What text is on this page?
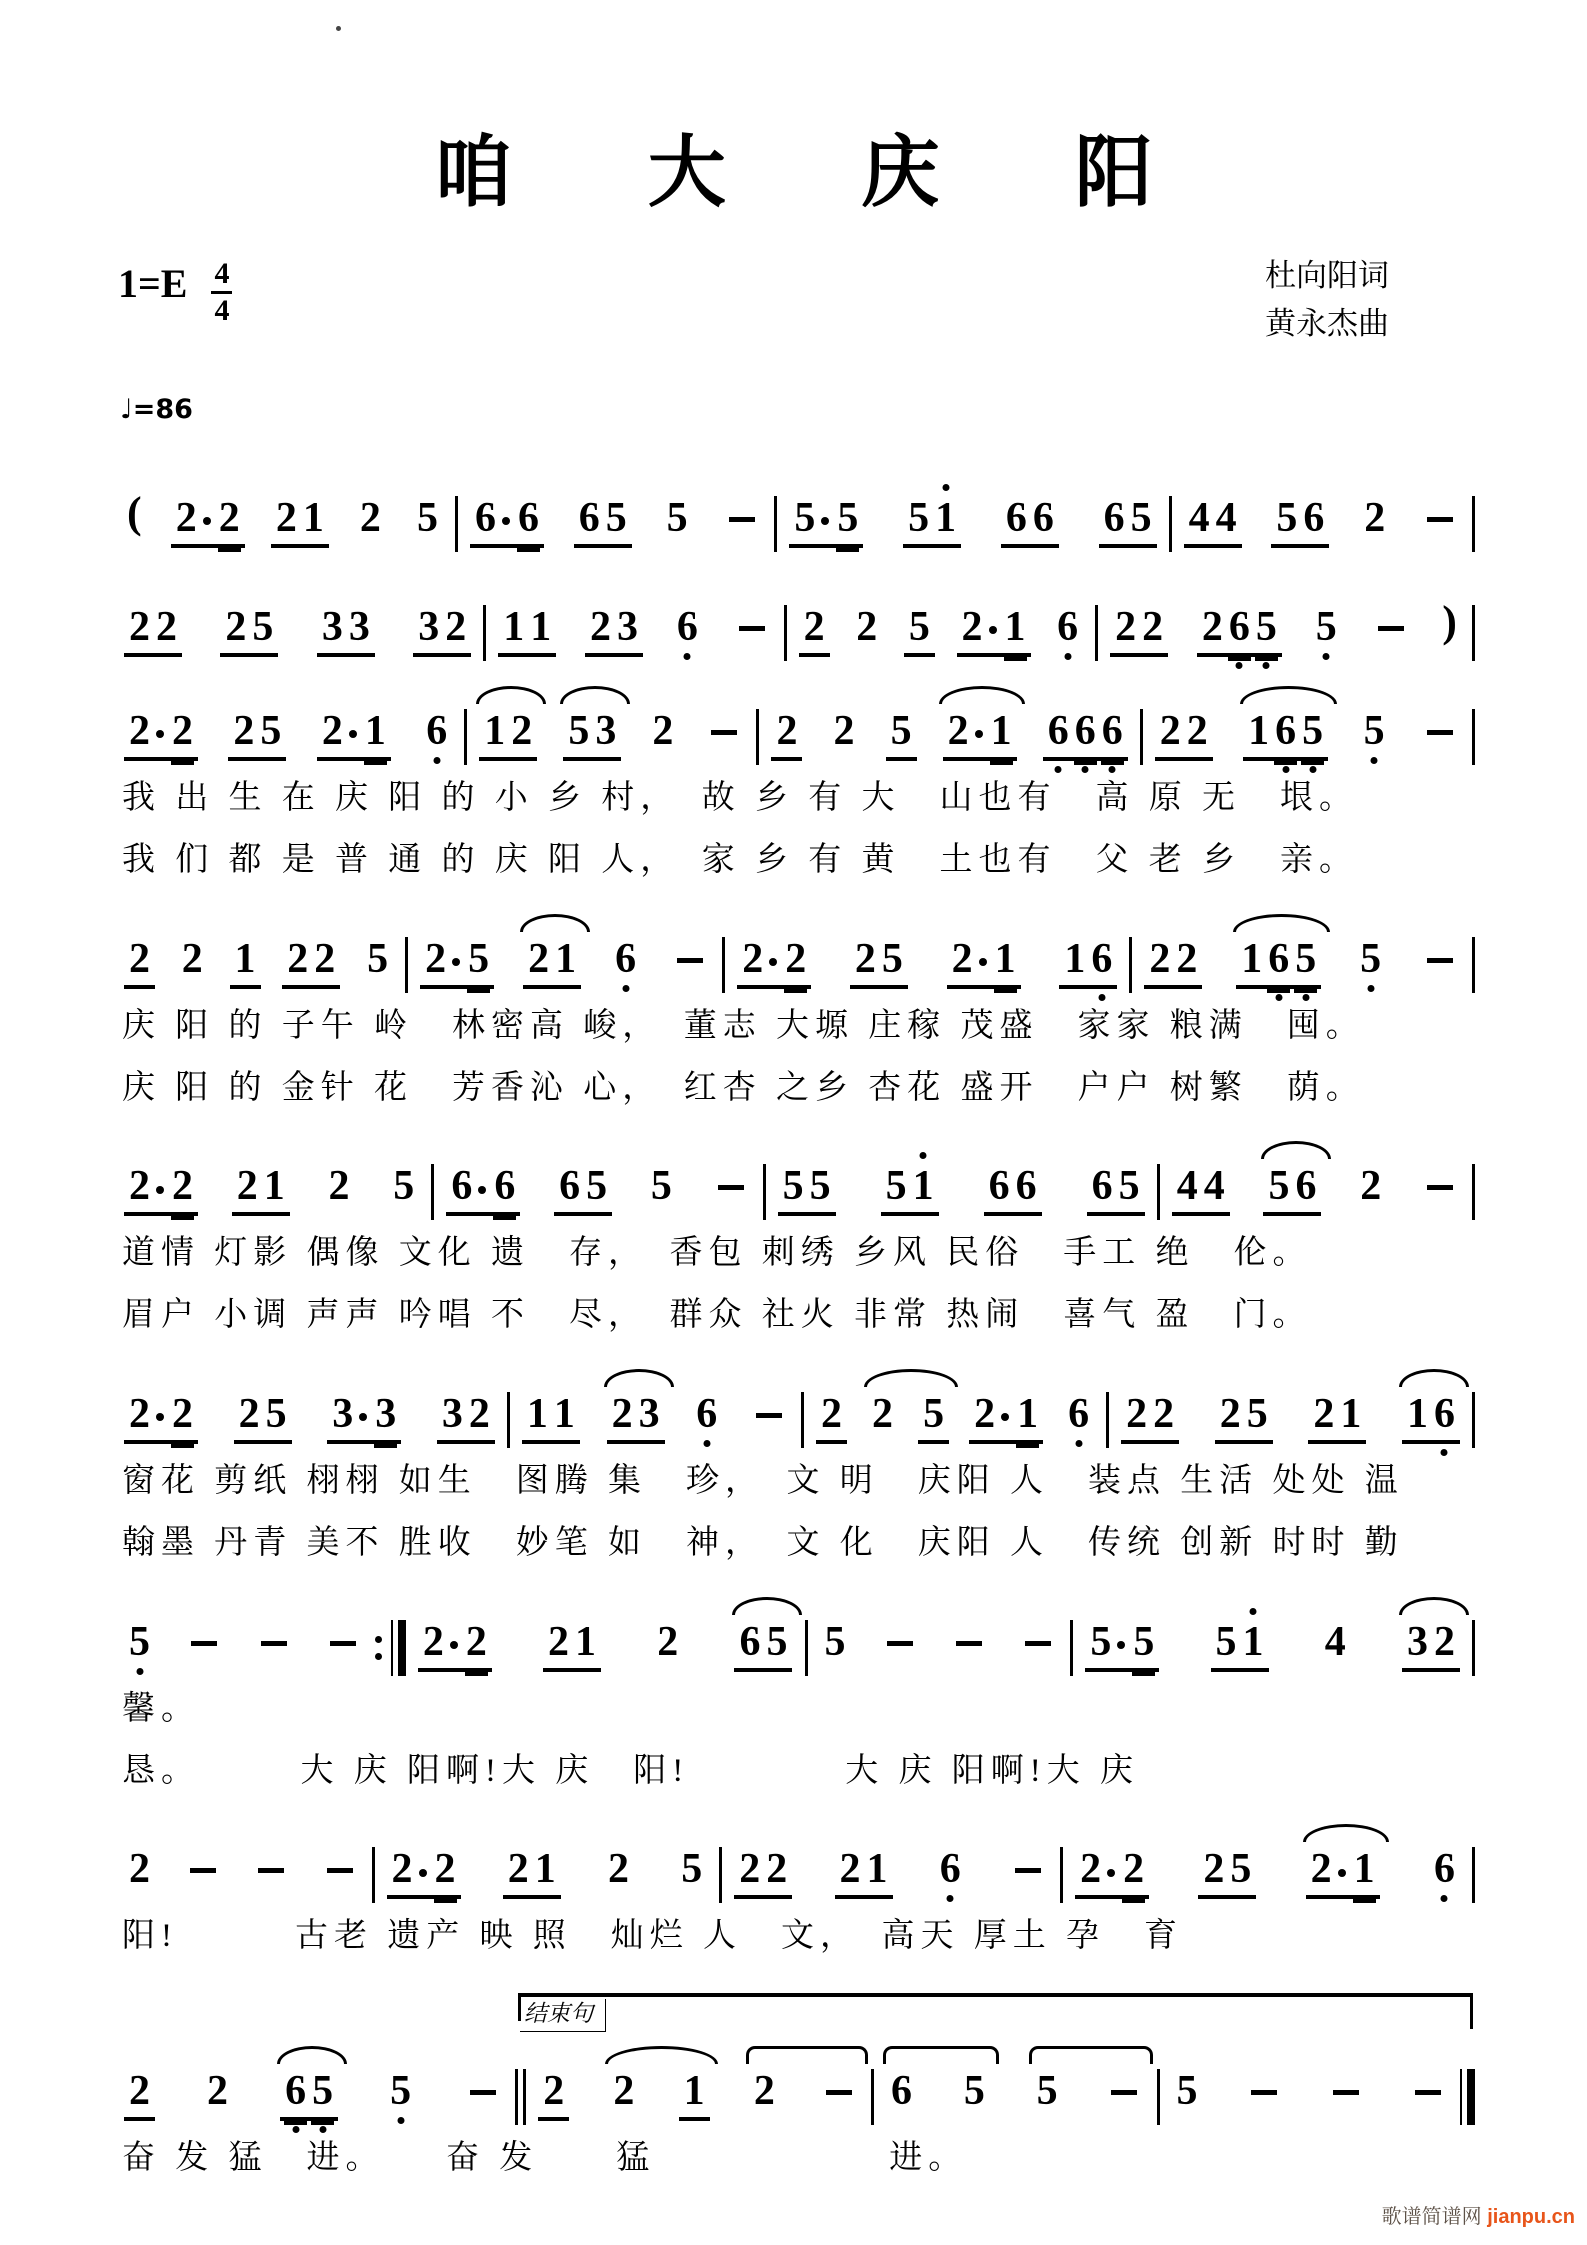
咱 大 庆 阳
$1=E \frac{4}{4}$	杜向阳词
黄永杰曲
♩=86
( 2 2 2 1 2 5 6 6 6 5 5	5 5 5 1 6 6 6 5 4 4 5 6 2
2 2 2 5 3 3 3 2 1 1 2 3 6	2 2 5 2 1 6 2 2 2 6 5 5 )
2 2 2 5 2 1 6 1 2 5 3 2 2 2 5 2 1 6 6 6 2 2 1 6 5 5
我 出 生 在 庆 阳 的 小 乡 村，　故 乡 有 大　山也有　高 原 无　垠。
我 们 都 是 普 通 的 庆 阳 人，　家 乡 有 黄　土也有　父 老 乡　亲。
2 2 1 2 2 5 2 5 2 1 6	2 2 2 5 2 1 1 6 2 2 1 6 5 5
庆 阳 的 子午 岭　林密高 峻，　董志 大塬 庄稼 茂盛　家家 粮满　囤。
庆 阳 的 金针 花　芳香沁 心，　红杏 之乡 杏花 盛开　户户 树繁　荫。
2 2 2 1 2 5 6 6 6 5 5	5 5 5 1 6 6 6 5 4 4 5 6 2
道情 灯影 偶像 文化 遗　存，　香包 刺绣 乡风 民俗　手工 绝　伦。
眉户 小调 声声 吟唱 不　尽，　群众 社火 非常 热闹　喜气 盈　门。
2 2 2 5 3 3 3 2 1 1 2 3 6 2 2 5 2 1 6 2 2 2 5 2 1 1 6
窗花 剪纸 栩栩 如生　图腾 集　珍，　文 明　庆阳 人　装点 生活 处处 温
翰墨 丹青 美不 胜收　妙笔 如　神，　文 化　庆阳 人　传统 创新 时时 勤
5	2 2 2 1 2 6 5 5	5 5 5 1 4 3 2
馨。
恳。　　　大 庆 阳啊!大 庆　阳!　　　　大 庆 阳啊!大 庆
2	2 2 2 1 2 5 2 2 2 1 6	2 2 2 5 2 1 6
阳!　　　古老 遗产 映 照　灿烂 人　文，　高天 厚土 孕　育
2 2 6 5 5	2 2 1 2	6 5 5	5
结束句
奋 发 猛　进。　　奋 发　　猛　　　　　　进。
歌谱简谱网 jianpu.cn
